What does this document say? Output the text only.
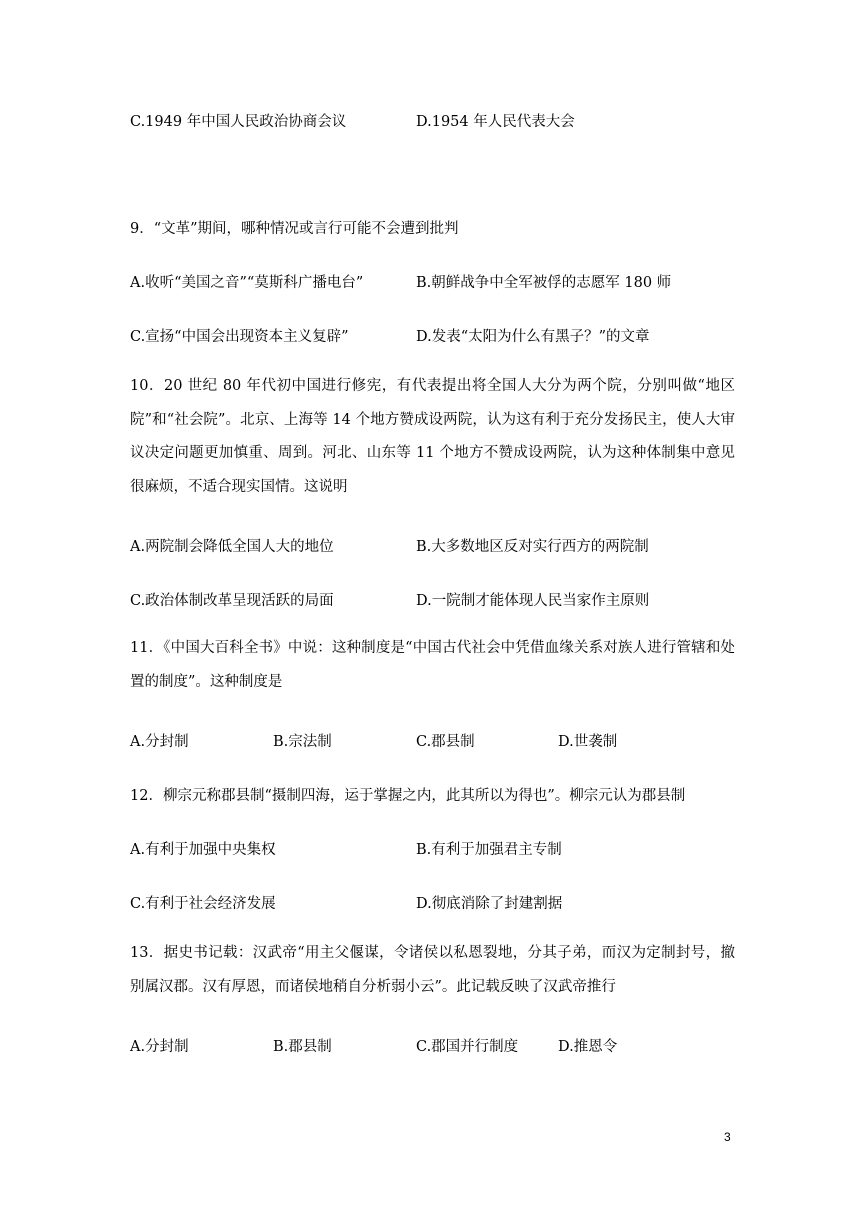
C.1949 年中国人民政治协商会议	D.1954 年人民代表大会
9．“文革”期间，哪种情况或言行可能不会遭到批判
A.收听“美国之音”“莫斯科广播电台”	B.朝鲜战争中全军被俘的志愿军 180 师
C.宣扬“中国会出现资本主义复辟”	D.发表“太阳为什么有黑子？”的文章
10．20 世纪 80 年代初中国进行修宪，有代表提出将全国人大分为两个院，分别叫做“地区院”和“社会院”。北京、上海等 14 个地方赞成设两院，认为这有利于充分发扬民主，使人大审议决定问题更加慎重、周到。河北、山东等 11 个地方不赞成设两院，认为这种体制集中意见很麻烦，不适合现实国情。这说明
A.两院制会降低全国人大的地位	B.大多数地区反对实行西方的两院制
C.政治体制改革呈现活跃的局面	D.一院制才能体现人民当家作主原则
11．《中国大百科全书》中说：这种制度是“中国古代社会中凭借血缘关系对族人进行管辖和处置的制度”。这种制度是
A.分封制	B.宗法制	C.郡县制	D.世袭制
12．柳宗元称郡县制“摄制四海，运于掌握之内，此其所以为得也”。柳宗元认为郡县制
A.有利于加强中央集权	B.有利于加强君主专制
C.有利于社会经济发展	D.彻底消除了封建割据
13．据史书记载：汉武帝“用主父偃谋，令诸侯以私恩裂地，分其子弟，而汉为定制封号，撤别属汉郡。汉有厚恩，而诸侯地稍自分析弱小云”。此记载反映了汉武帝推行
A.分封制	B.郡县制	C.郡国并行制度	D.推恩令
3
